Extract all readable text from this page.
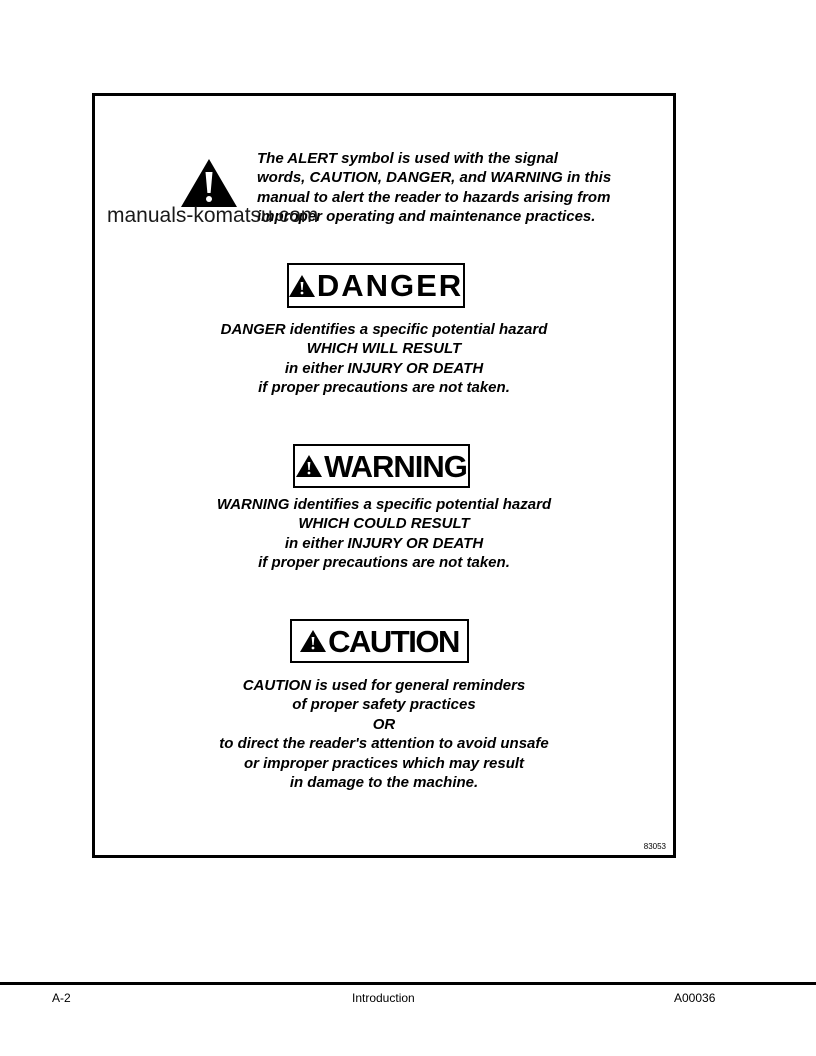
The ALERT symbol is used with the signal
words, CAUTION, DANGER, and WARNING in this
manual to alert the reader to hazards arising from
improper operating and maintenance practices.
DANGER
DANGER identifies a specific potential hazard
WHICH WILL RESULT
in either INJURY OR DEATH
if proper precautions are not taken.
WARNING
WARNING identifies a specific potential hazard
WHICH COULD RESULT
in either INJURY OR DEATH
if proper precautions are not taken.
CAUTION
CAUTION is used for general reminders
of proper safety practices
OR
to direct the reader's attention to avoid unsafe
or improper practices which may result
in damage to the machine.
83053
manuals-komatsu.com
A-2	Introduction	A00036
